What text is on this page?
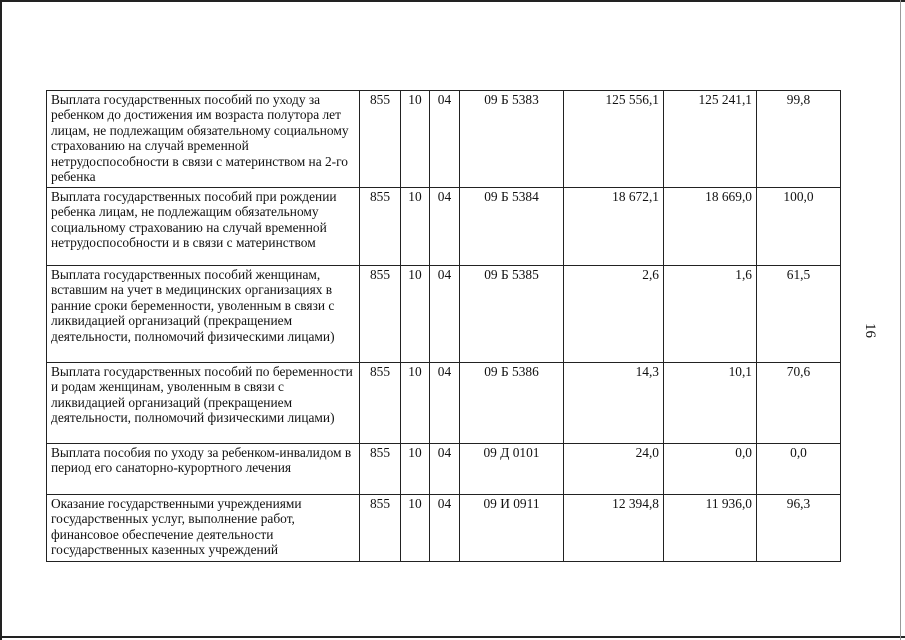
Выплата государственных пособий по уходу за ребенком до достижения им возраста полутора лет лицам, не подлежащим обязательному социальному страхованию на случай временной нетрудоспособности в связи с материнством на 2-го ребенка	855	10	04	09 Б 5383	125 556,1	125 241,1	99,8
Выплата государственных пособий при рождении ребенка лицам, не подлежащим обязательному социальному страхованию на случай временной нетрудоспособности и в связи с материнством	855	10	04	09 Б 5384	18 672,1	18 669,0	100,0
Выплата государственных пособий женщинам, вставшим на учет в медицинских организациях в ранние сроки беременности, уволенным в связи с ликвидацией организаций (прекращением деятельности, полномочий физическими лицами)	855	10	04	09 Б 5385	2,6	1,6	61,5
Выплата государственных пособий по беременности и родам женщинам, уволенным в связи с ликвидацией организаций (прекращением деятельности, полномочий физическими лицами)	855	10	04	09 Б 5386	14,3	10,1	70,6
Выплата пособия по уходу за ребенком-инвалидом в период его санаторно-курортного лечения	855	10	04	09 Д 0101	24,0	0,0	0,0
Оказание государственными учреждениями государственных услуг, выполнение работ, финансовое обеспечение деятельности государственных казенных учреждений	855	10	04	09 И 0911	12 394,8	11 936,0	96,3
16
